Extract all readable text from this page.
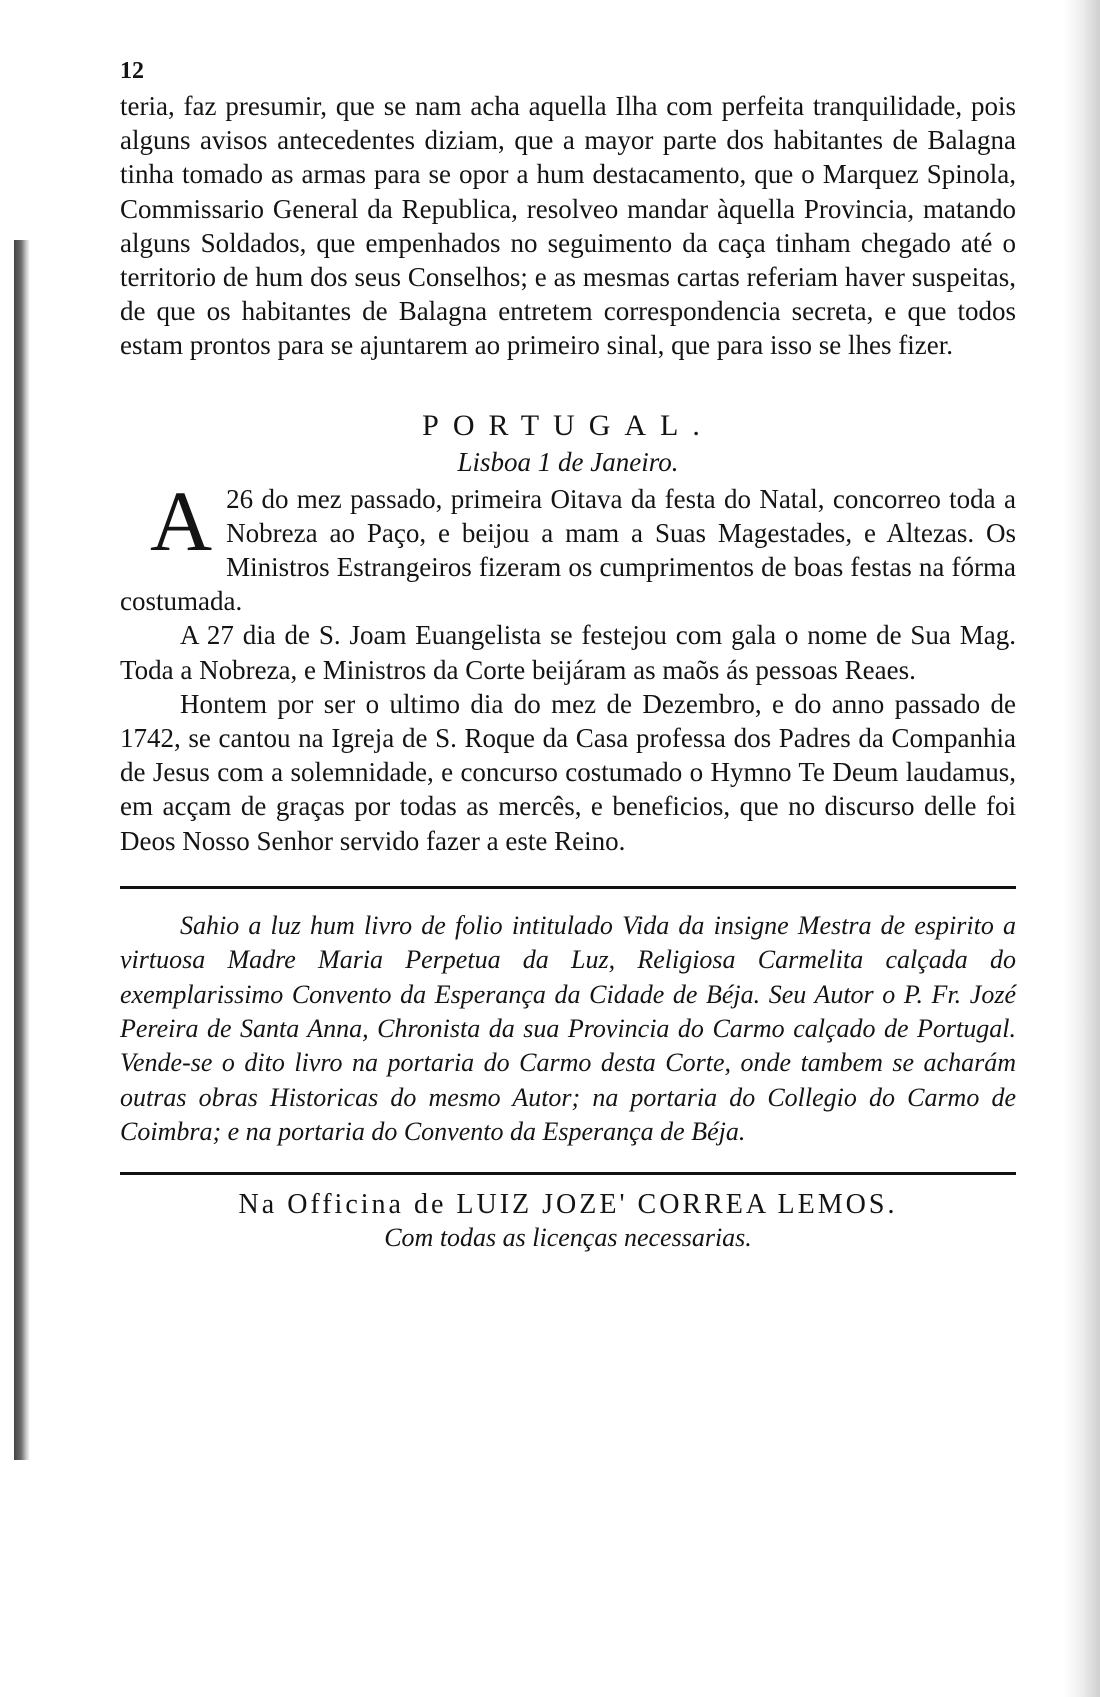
12

teria, faz presumir, que se nam acha aquella Ilha com perfeita tranquilidade, pois alguns avisos antecedentes diziam, que a mayor parte dos habitantes de Balagna tinha tomado as armas para se opor a hum destacamento, que o Marquez Spinola, Commissario General da Republica, resolveo mandar àquella Provincia, matando alguns Soldados, que empenhados no seguimento da caça tinham chegado até o territorio de hum dos seus Conselhos; e as mesmas cartas referiam haver suspeitas, de que os habitantes de Balagna entretem correspondencia secreta, e que todos estam prontos para se ajuntarem ao primeiro sinal, que para isso se lhes fizer.

PORTUGAL.
Lisboa 1 de Janeiro.

A 26 do mez passado, primeira Oitava da festa do Natal, concorreo toda a Nobreza ao Paço, e beijou a mam a Suas Magestades, e Altezas. Os Ministros Estrangeiros fizeram os cumprimentos de boas festas na fórma costumada.

A 27 dia de S. Joam Euangelista se festejou com gala o nome de Sua Mag. Toda a Nobreza, e Ministros da Corte beijáram as maõs ás pessoas Reaes.

Hontem por ser o ultimo dia do mez de Dezembro, e do anno passado de 1742, se cantou na Igreja de S. Roque da Casa professa dos Padres da Companhia de Jesus com a solemnidade, e concurso costumado o Hymno Te Deum laudamus, em acçam de graças por todas as mercês, e beneficios, que no discurso delle foi Deos Nosso Senhor servido fazer a este Reino.

Sahio a luz hum livro de folio intitulado Vida da insigne Mestra de espirito a virtuosa Madre Maria Perpetua da Luz, Religiosa Carmelita calçada do exemplarissimo Convento da Esperança da Cidade de Béja. Seu Autor o P. Fr. Jozé Pereira de Santa Anna, Chronista da sua Provincia do Carmo calçado de Portugal. Vende-se o dito livro na portaria do Carmo desta Corte, onde tambem se acharám outras obras Historicas do mesmo Autor; na portaria do Collegio do Carmo de Coimbra; e na portaria do Convento da Esperança de Béja.

Na Officina de LUIZ JOZE' CORREA LEMOS.

Com todas as licenças necessarias.
